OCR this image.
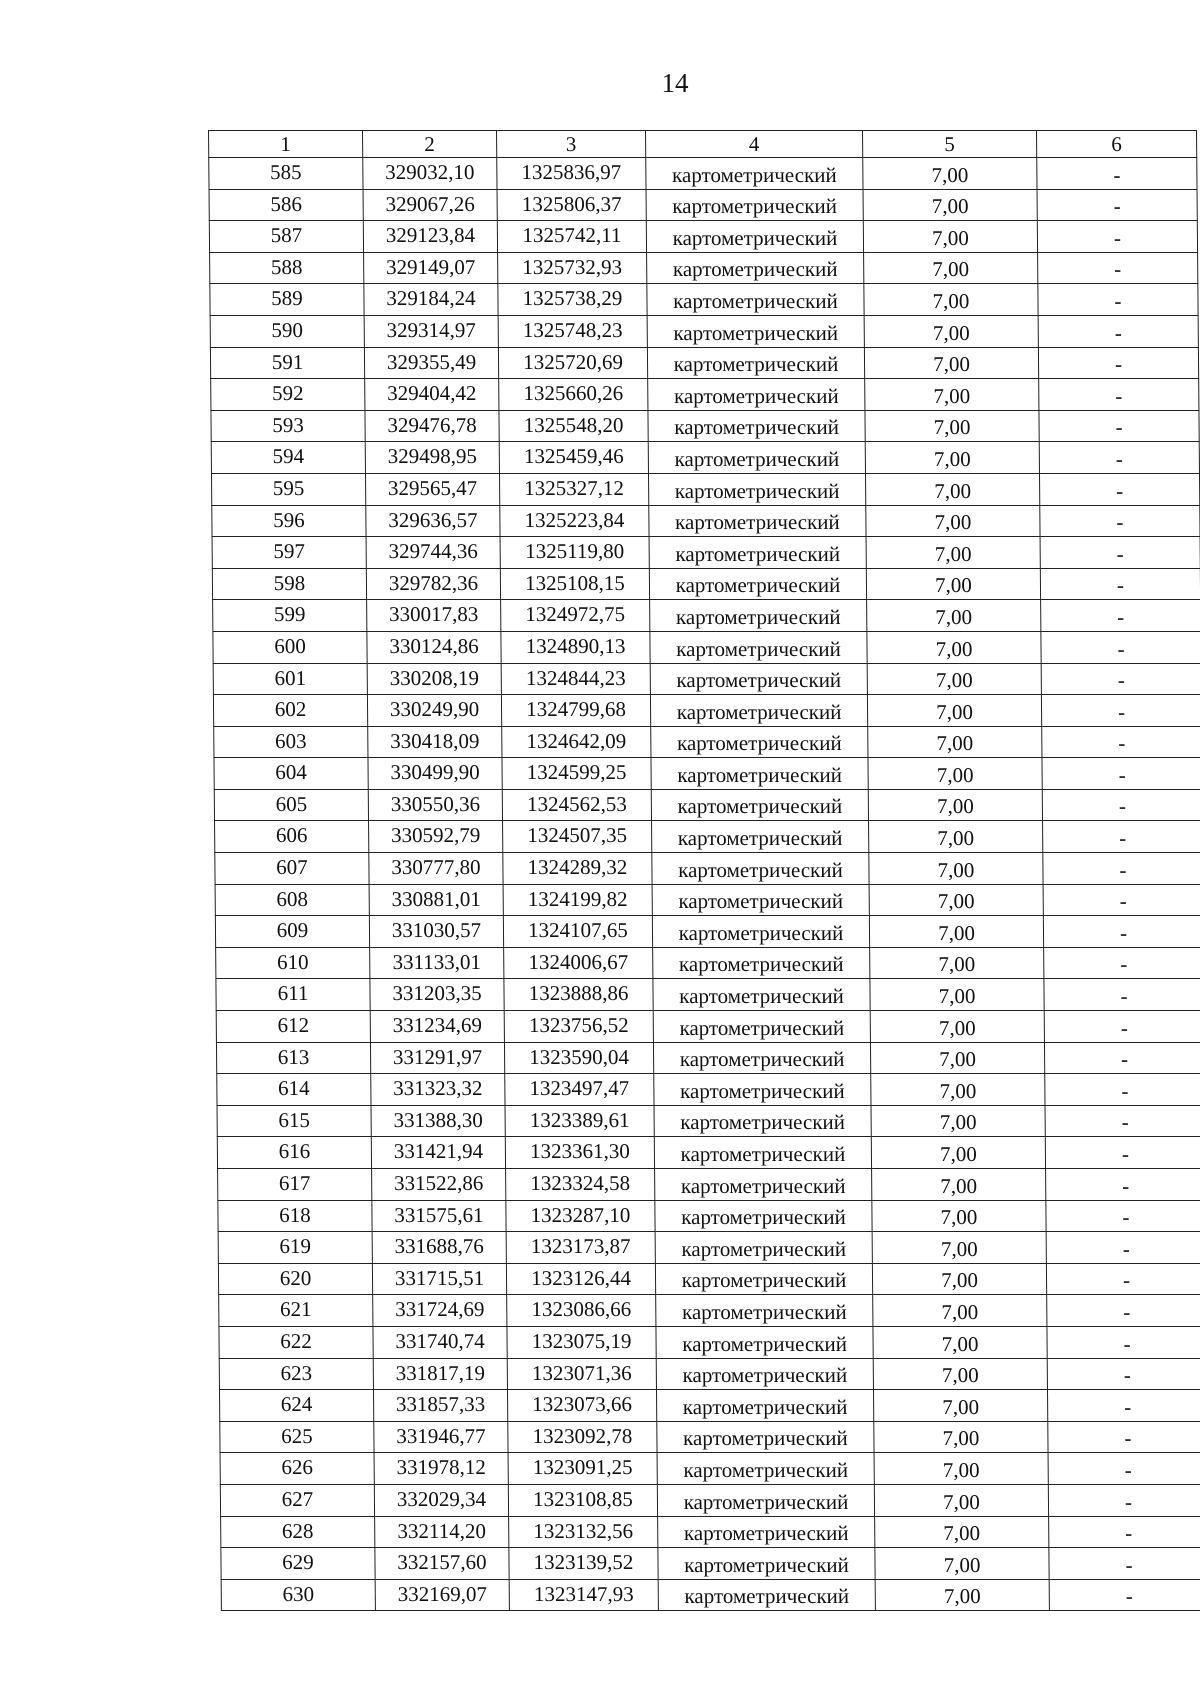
14
1	2	3	4	5	6
585	329032,10	1325836,97	картометрический	7,00	-
586	329067,26	1325806,37	картометрический	7,00	-
587	329123,84	1325742,11	картометрический	7,00	-
588	329149,07	1325732,93	картометрический	7,00	-
589	329184,24	1325738,29	картометрический	7,00	-
590	329314,97	1325748,23	картометрический	7,00	-
591	329355,49	1325720,69	картометрический	7,00	-
592	329404,42	1325660,26	картометрический	7,00	-
593	329476,78	1325548,20	картометрический	7,00	-
594	329498,95	1325459,46	картометрический	7,00	-
595	329565,47	1325327,12	картометрический	7,00	-
596	329636,57	1325223,84	картометрический	7,00	-
597	329744,36	1325119,80	картометрический	7,00	-
598	329782,36	1325108,15	картометрический	7,00	-
599	330017,83	1324972,75	картометрический	7,00	-
600	330124,86	1324890,13	картометрический	7,00	-
601	330208,19	1324844,23	картометрический	7,00	-
602	330249,90	1324799,68	картометрический	7,00	-
603	330418,09	1324642,09	картометрический	7,00	-
604	330499,90	1324599,25	картометрический	7,00	-
605	330550,36	1324562,53	картометрический	7,00	-
606	330592,79	1324507,35	картометрический	7,00	-
607	330777,80	1324289,32	картометрический	7,00	-
608	330881,01	1324199,82	картометрический	7,00	-
609	331030,57	1324107,65	картометрический	7,00	-
610	331133,01	1324006,67	картометрический	7,00	-
611	331203,35	1323888,86	картометрический	7,00	-
612	331234,69	1323756,52	картометрический	7,00	-
613	331291,97	1323590,04	картометрический	7,00	-
614	331323,32	1323497,47	картометрический	7,00	-
615	331388,30	1323389,61	картометрический	7,00	-
616	331421,94	1323361,30	картометрический	7,00	-
617	331522,86	1323324,58	картометрический	7,00	-
618	331575,61	1323287,10	картометрический	7,00	-
619	331688,76	1323173,87	картометрический	7,00	-
620	331715,51	1323126,44	картометрический	7,00	-
621	331724,69	1323086,66	картометрический	7,00	-
622	331740,74	1323075,19	картометрический	7,00	-
623	331817,19	1323071,36	картометрический	7,00	-
624	331857,33	1323073,66	картометрический	7,00	-
625	331946,77	1323092,78	картометрический	7,00	-
626	331978,12	1323091,25	картометрический	7,00	-
627	332029,34	1323108,85	картометрический	7,00	-
628	332114,20	1323132,56	картометрический	7,00	-
629	332157,60	1323139,52	картометрический	7,00	-
630	332169,07	1323147,93	картометрический	7,00	-
